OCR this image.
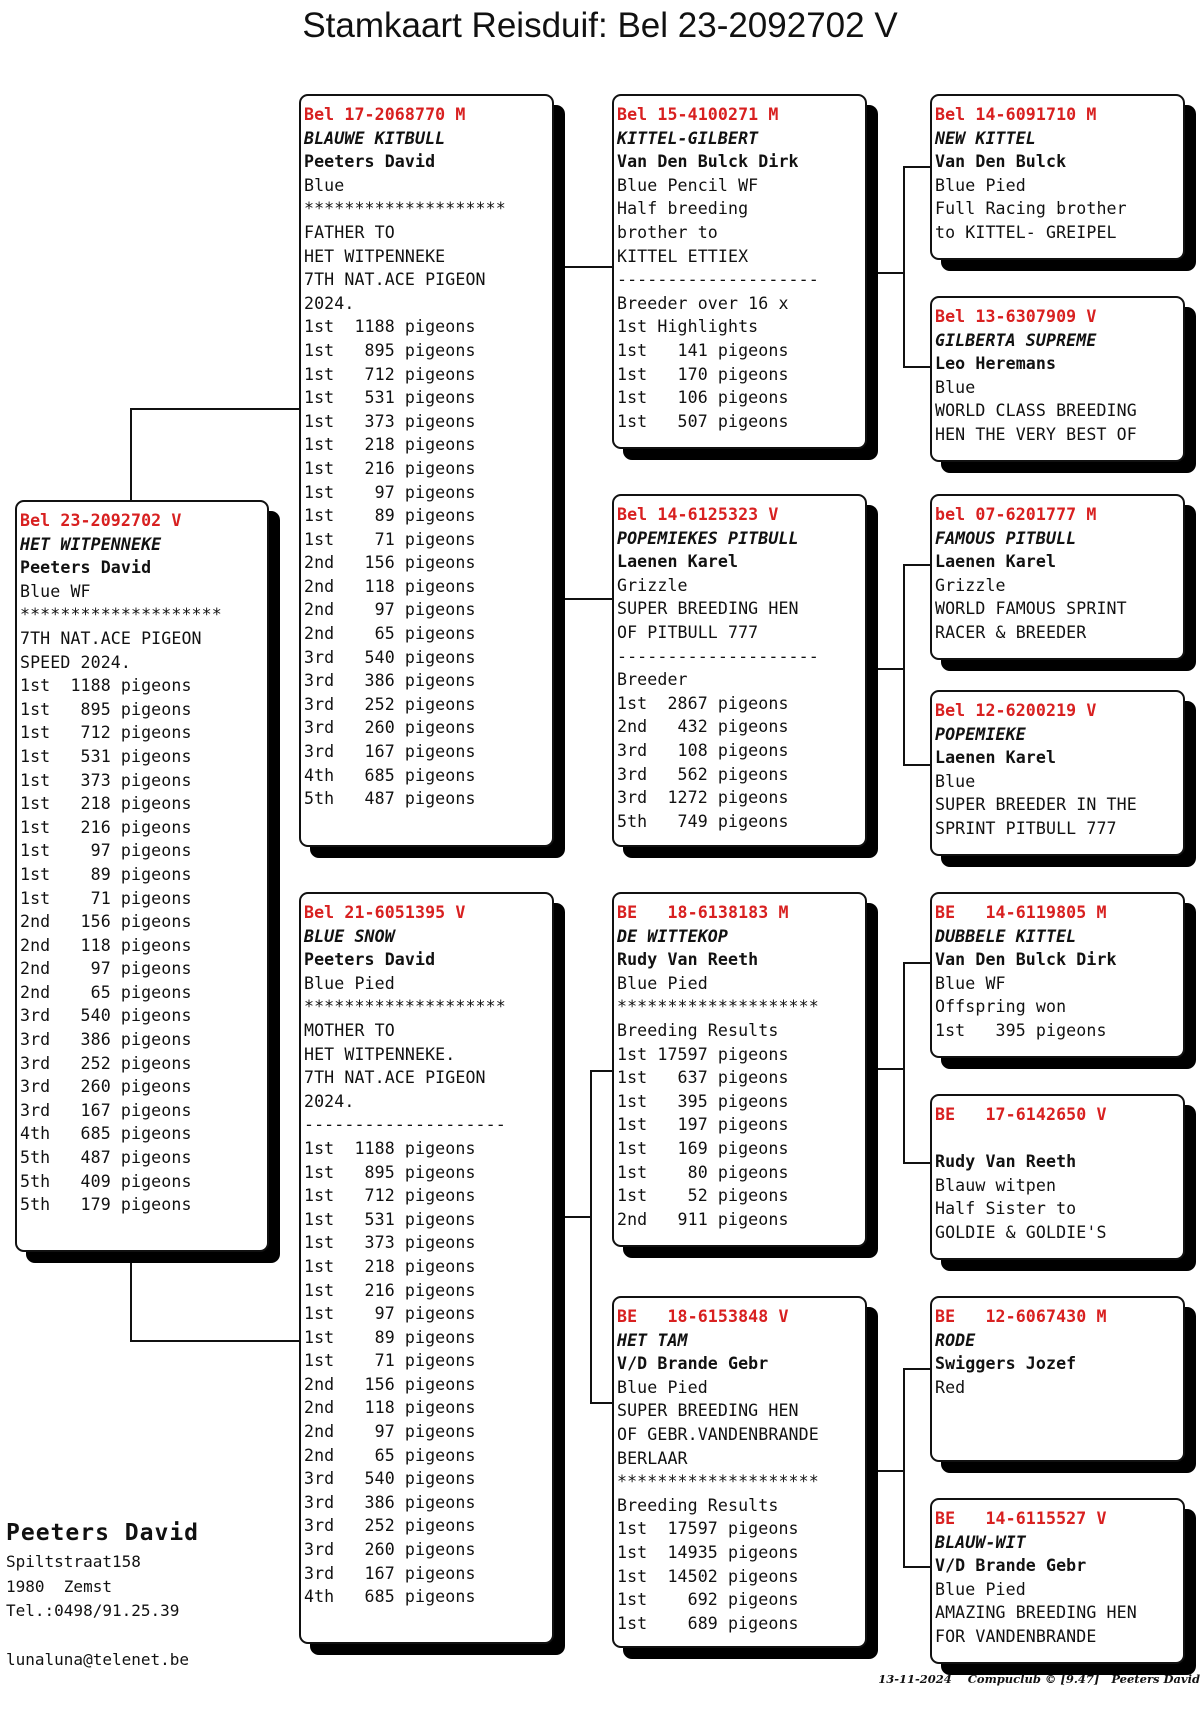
Stamkaart Reisduif: Bel 23-2092702 V
Bel 23-2092702 V
HET WITPENNEKE
Peeters David
Blue WF
********************
7TH NAT.ACE PIGEON
SPEED 2024.
1st  1188 pigeons
1st   895 pigeons
1st   712 pigeons
1st   531 pigeons
1st   373 pigeons
1st   218 pigeons
1st   216 pigeons
1st    97 pigeons
1st    89 pigeons
1st    71 pigeons
2nd   156 pigeons
2nd   118 pigeons
2nd    97 pigeons
2nd    65 pigeons
3rd   540 pigeons
3rd   386 pigeons
3rd   252 pigeons
3rd   260 pigeons
3rd   167 pigeons
4th   685 pigeons
5th   487 pigeons
5th   409 pigeons
5th   179 pigeons
Bel 17-2068770 M
BLAUWE KITBULL
Peeters David
Blue
********************
FATHER TO
HET WITPENNEKE
7TH NAT.ACE PIGEON
2024.
1st  1188 pigeons
1st   895 pigeons
1st   712 pigeons
1st   531 pigeons
1st   373 pigeons
1st   218 pigeons
1st   216 pigeons
1st    97 pigeons
1st    89 pigeons
1st    71 pigeons
2nd   156 pigeons
2nd   118 pigeons
2nd    97 pigeons
2nd    65 pigeons
3rd   540 pigeons
3rd   386 pigeons
3rd   252 pigeons
3rd   260 pigeons
3rd   167 pigeons
4th   685 pigeons
5th   487 pigeons
Bel 21-6051395 V
BLUE SNOW
Peeters David
Blue Pied
********************
MOTHER TO
HET WITPENNEKE.
7TH NAT.ACE PIGEON
2024.
--------------------
1st  1188 pigeons
1st   895 pigeons
1st   712 pigeons
1st   531 pigeons
1st   373 pigeons
1st   218 pigeons
1st   216 pigeons
1st    97 pigeons
1st    89 pigeons
1st    71 pigeons
2nd   156 pigeons
2nd   118 pigeons
2nd    97 pigeons
2nd    65 pigeons
3rd   540 pigeons
3rd   386 pigeons
3rd   252 pigeons
3rd   260 pigeons
3rd   167 pigeons
4th   685 pigeons
Bel 15-4100271 M
KITTEL-GILBERT
Van Den Bulck Dirk
Blue Pencil WF
Half breeding
brother to
KITTEL ETTIEX
--------------------
Breeder over 16 x
1st Highlights
1st   141 pigeons
1st   170 pigeons
1st   106 pigeons
1st   507 pigeons
Bel 14-6125323 V
POPEMIEKES PITBULL
Laenen Karel
Grizzle
SUPER BREEDING HEN
OF PITBULL 777
--------------------
Breeder
1st  2867 pigeons
2nd   432 pigeons
3rd   108 pigeons
3rd   562 pigeons
3rd  1272 pigeons
5th   749 pigeons
BE   18-6138183 M
DE WITTEKOP
Rudy Van Reeth
Blue Pied
********************
Breeding Results
1st 17597 pigeons
1st   637 pigeons
1st   395 pigeons
1st   197 pigeons
1st   169 pigeons
1st    80 pigeons
1st    52 pigeons
2nd   911 pigeons
BE   18-6153848 V
HET TAM
V/D Brande Gebr
Blue Pied
SUPER BREEDING HEN
OF GEBR.VANDENBRANDE
BERLAAR
********************
Breeding Results
1st  17597 pigeons
1st  14935 pigeons
1st  14502 pigeons
1st    692 pigeons
1st    689 pigeons
Bel 14-6091710 M
NEW KITTEL
Van Den Bulck
Blue Pied
Full Racing brother
to KITTEL- GREIPEL
Bel 13-6307909 V
GILBERTA SUPREME
Leo Heremans
Blue
WORLD CLASS BREEDING
HEN THE VERY BEST OF
bel 07-6201777 M
FAMOUS PITBULL
Laenen Karel
Grizzle
WORLD FAMOUS SPRINT
RACER & BREEDER
Bel 12-6200219 V
POPEMIEKE
Laenen Karel
Blue
SUPER BREEDER IN THE
SPRINT PITBULL 777
BE   14-6119805 M
DUBBELE KITTEL
Van Den Bulck Dirk
Blue WF
Offspring won
1st   395 pigeons
BE   17-6142650 V
Rudy Van Reeth
Blauw witpen
Half Sister to
GOLDIE & GOLDIE'S
BE   12-6067430 M
RODE
Swiggers Jozef
Red
BE   14-6115527 V
BLAUW-WIT
V/D Brande Gebr
Blue Pied
AMAZING BREEDING HEN
FOR VANDENBRANDE
Peeters David
Spiltstraat158
1980  Zemst
Tel.:0498/91.25.39
lunaluna@telenet.be
13-11-2024    Compuclub © [9.47]   Peeters David
